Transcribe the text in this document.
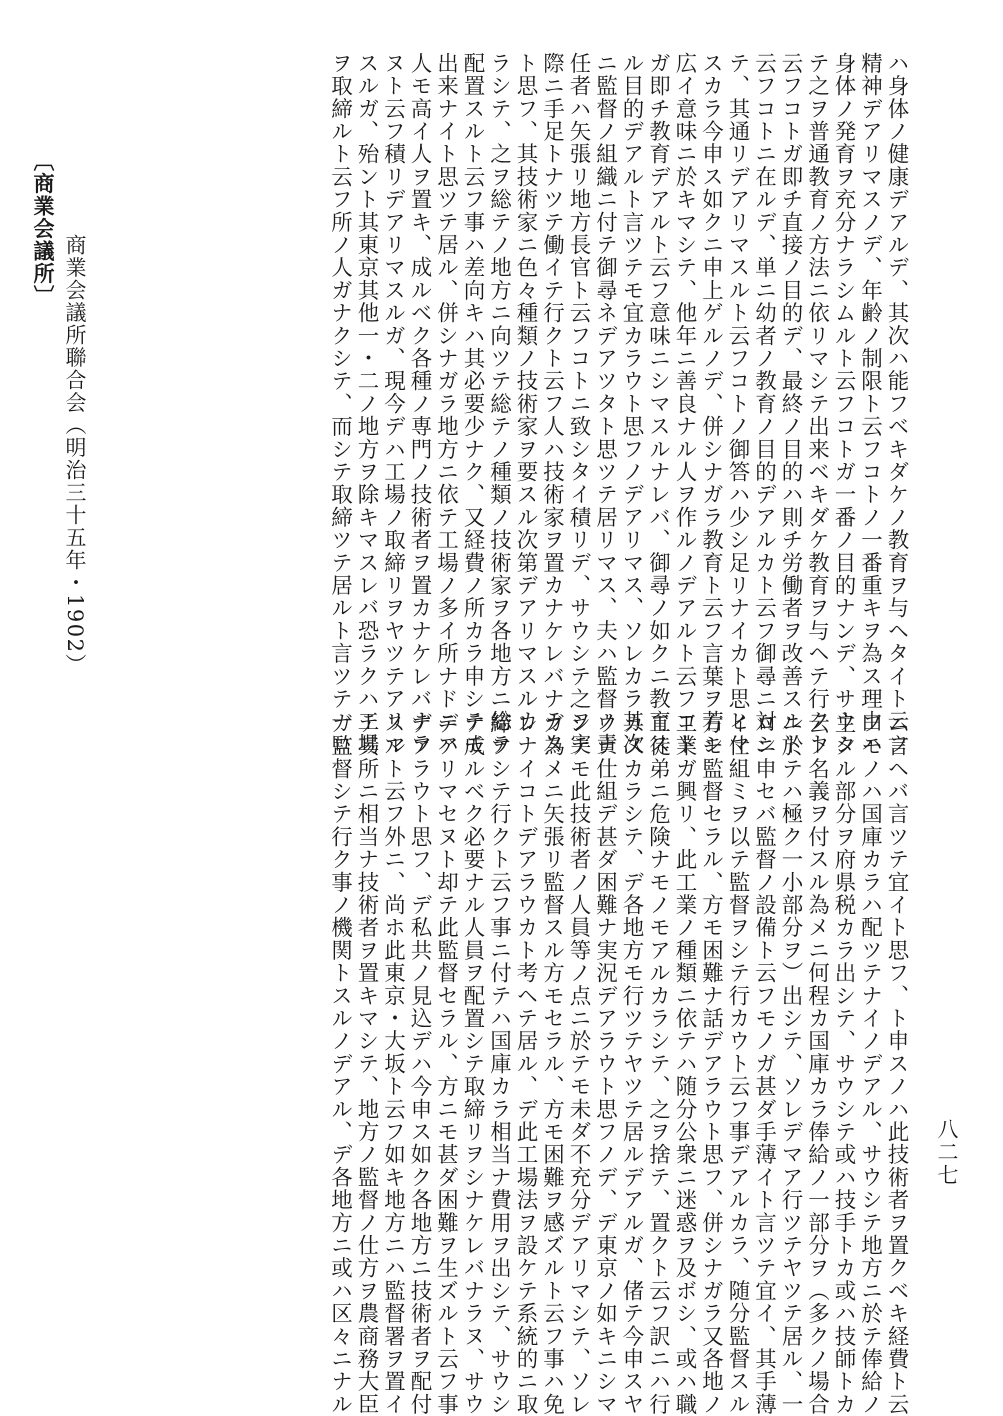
〔商業会議所〕
商業会議所聯合会（明治三十五年・1902）	ハ身体ノ健康デアルデ、其次ハ能フベキダケノ教育ヲ与ヘタイト云フ
精神デアリマスノデ、年齢ノ制限ト云フコトノ一番重キヲ為ス理由ハ
身体ノ発育ヲ充分ナラシムルト云フコトガ一番ノ目的ナンデ、サウシ
テ之ヲ普通教育ノ方法ニ依リマシテ出来ベキダケ教育ヲ与ヘテ行クト
云フコトガ即チ直接ノ目的デ、最終ノ目的ハ則チ労働者ヲ改善スルト
云フコトニ在ルデ、単ニ幼者ノ教育ノ目的デアルカト云フ御尋ニ対シ
テ、其通リデアリマスルト云フコトノ御答ハ少シ足リナイカト思ヒマ
スカラ今申ス如クニ申上ゲルノデ、併シナガラ教育ト云フ言葉ヲ若シ
広イ意味ニ於キマシテ、他年ニ善良ナル人ヲ作ルノデアルト云フコト
ガ即チ教育デアルト云フ意味ニシマスルナレバ、御尋ノ如クニ教育ス
ル目的デアルト言ツテモ宜カラウト思フノデアリマス、ソレカラ其次
ニ監督ノ組織ニ付テ御尋ネデアツタト思ツテ居リマス、夫ハ監督ノ責
任者ハ矢張リ地方長官ト云フコトニ致シタイ積リデ、サウシテ之ヲ実
際ニ手足トナツテ働イテ行クト云フ人ハ技術家ヲ置カナケレバナラヌ
ト思フ、其技術家ニ色々種類ノ技術家ヲ要スル次第デアリマスルカ
ラシテ、之ヲ総テノ地方ニ向ツテ総テノ種類ノ技術家ヲ各地方ニ総テ
配置スルト云フ事ハ差向キハ其必要少ナク、又経費ノ所カラ申シテモ
出来ナイト思ツテ居ル、併シナガラ地方ニ依テ工場ノ多イ所ナドニハ
人モ高イ人ヲ置キ、成ルベク各種ノ専門ノ技術者ヲ置カナケレバナラ
ヌト云フ積リデアリマスルガ、現今デハ工場ノ取締リヲヤツテアリマ
スルガ、殆ント其東京其他一・二ノ地方ヲ除キマスレバ恐ラクハ工場
ヲ取締ルト云フ所ノ人ガナクシテ、而シテ取締ツテ居ルト言ツテ一ロ
ニ言ヘバ言ツテ宜イト思フ、ト申スノハ此技術者ヲ置クベキ経費ト云
フモノハ国庫カラハ配ツテナイノデアル、サウシテ地方ニ於テ俸給ノ
主タル部分ヲ府県税カラ出シテ、サウシテ或ハ技手トカ或ハ技師トカ
云フ名義ヲ付スル為メニ何程カ国庫カラ俸給ノ一部分ヲ（多クノ場合
ニ於テハ極ク一小部分ヲ）出シテ、ソレデマア行ツテヤツテ居ル、一
ロニ申セバ監督ノ設備ト云フモノガ甚ダ手薄イト言ツテ宜イ、其手薄
イ仕組ミヲ以テ監督ヲシテ行カウト云フ事デアルカラ、随分監督スル
方モ監督セラル、方モ困難ナ話デアラウト思フ、併シナガラ又各地ノ
工業ガ興リ、此工業ノ種類ニ依テハ随分公衆ニ迷惑ヲ及ボシ、或ハ職
工徒弟ニ危険ナモノモアルカラシテ、之ヲ捨テ、置クト云フ訳ニハ行
カヌカラシテ、デ各地方モ行ツテヤツテ居ルデアルガ、偖テ今申スヤ
ウナ仕組デ甚ダ困難ナ実況デアラウト思フノデ、デ東京ノ如キニシマ
シテモ此技術者ノ人員等ノ点ニ於テモ未ダ不充分デアリマシテ、ソレ
ガ為メニ矢張リ監督スル方モセラル、方モ困難ヲ感ズルト云フ事ハ免
レナイコトデアラウカト考ヘテ居ル、デ此工場法ヲ設ケテ系統的ニ取
締ヲシテ行クト云フ事ニ付テハ国庫カラ相当ナ費用ヲ出シテ、サウシ
テ成ルベク必要ナル人員ヲ配置シテ取締リヲシナケレバナラヌ、サウ
デアリマセヌト却テ此監督セラル、方ニモ甚ダ困難ヲ生ズルト云フ事
デアラウト思フ、デ私共ノ見込デハ今申ス如ク各地方ニ技術者ヲ配付
スルト云フ外ニ、尚ホ此東京・大坂ト云フ如キ地方ニハ監督署ヲ置イ
テ其所ニ相当ナ技術者ヲ置キマシテ、地方ノ監督ノ仕方ヲ農商務大臣
ガ監督シテ行ク事ノ機関トスルノデアル、デ各地方ニ或ハ区々ニナル	八二七
